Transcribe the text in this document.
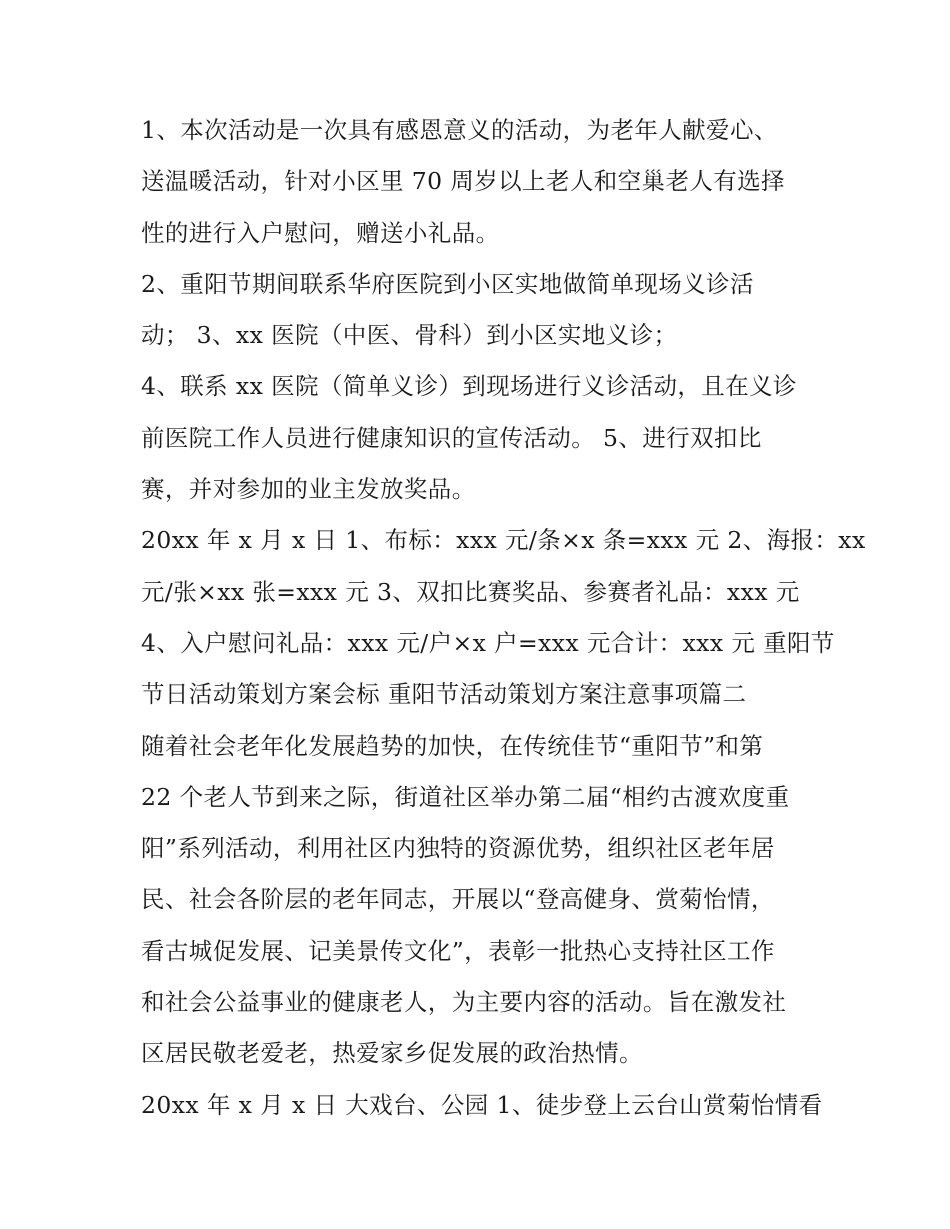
1、本次活动是一次具有感恩意义的活动，为老年人献爱心、
送温暖活动，针对小区里 70 周岁以上老人和空巢老人有选择
性的进行入户慰问，赠送小礼品。
2、重阳节期间联系华府医院到小区实地做简单现场义诊活
动； 3、xx 医院（中医、骨科）到小区实地义诊；
4、联系 xx 医院（简单义诊）到现场进行义诊活动，且在义诊
前医院工作人员进行健康知识的宣传活动。 5、进行双扣比
赛，并对参加的业主发放奖品。
20xx 年 x 月 x 日 1、布标：xxx 元/条×x 条=xxx 元 2、海报：xx
元/张×xx 张=xxx 元 3、双扣比赛奖品、参赛者礼品：xxx 元
4、入户慰问礼品：xxx 元/户×x 户=xxx 元合计：xxx 元 重阳节
节日活动策划方案会标 重阳节活动策划方案注意事项篇二
随着社会老年化发展趋势的加快，在传统佳节“重阳节”和第
22 个老人节到来之际，街道社区举办第二届“相约古渡欢度重
阳”系列活动，利用社区内独特的资源优势，组织社区老年居
民、社会各阶层的老年同志，开展以“登高健身、赏菊怡情，
看古城促发展、记美景传文化”，表彰一批热心支持社区工作
和社会公益事业的健康老人，为主要内容的活动。旨在激发社
区居民敬老爱老，热爱家乡促发展的政治热情。
20xx 年 x 月 x 日 大戏台、公园 1、徒步登上云台山赏菊怡情看
